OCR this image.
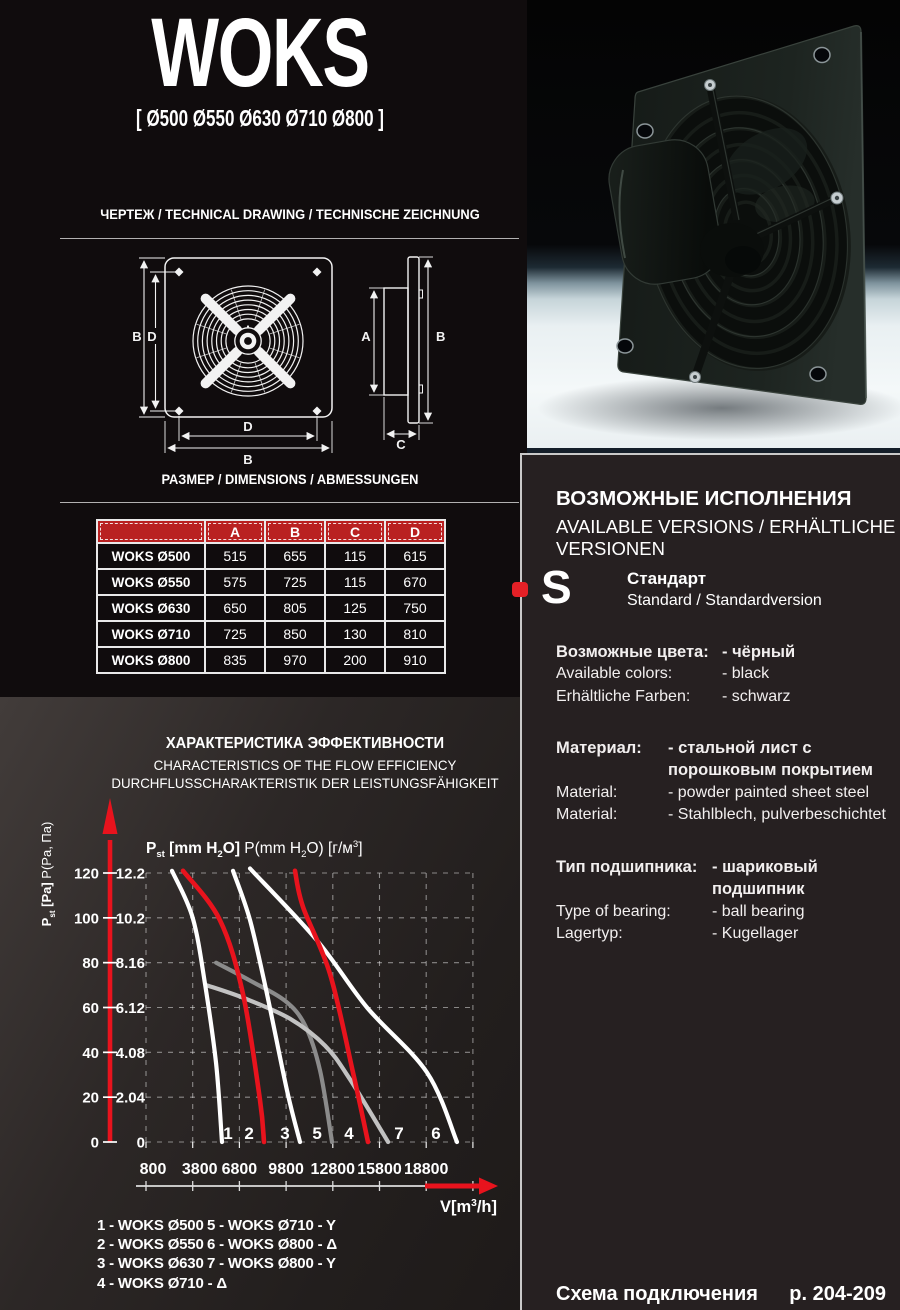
WOKS
[ Ø500 Ø550 Ø630 Ø710 Ø800 ]
ЧЕРТЕЖ / TECHNICAL DRAWING / TECHNISCHE ZEICHNUNG
B D
D
B
A	B
C
РАЗМЕР / DIMENSIONS / ABMESSUNGEN
	A	B	C	D
WOKS Ø500	515	655	115	615
WOKS Ø550	575	725	115	670
WOKS Ø630	650	805	125	750
WOKS Ø710	725	850	130	810
WOKS Ø800	835	970	200	910
ХАРАКТЕРИСТИКА ЭФФЕКТИВНОСТИ
CHARACTERISTICS OF THE FLOW EFFICIENCY
DURCHFLUSSCHARAKTERISTIK DER LEISTUNGSFÄHIGKEIT
120
100
80
60
40
20
0
12.2
10.2
8.16
6.12
4.08
2.04
0
800 3800 6800 9800 12800 15800 18800
1 2 3	4
5	6
7
$P_{st}$ [mm $H_2O$] P(mm $H_2O$) $[г/м^3]$
$V[m^3/h]$
$P_{st}$ [Pa] P(Pa, Па)
1 - WOKS Ø500
2 - WOKS Ø550
3 - WOKS Ø630
4 - WOKS Ø710 - Δ
5 - WOKS Ø710 - Y
6 - WOKS Ø800 - Δ
7 - WOKS Ø800 - Y
ВОЗМОЖНЫЕ ИСПОЛНЕНИЯ
AVAILABLE VERSIONS / ERHÄLTLICHE VERSIONEN
S	Стандарт
Standard / Standardversion
Возможные цвета: - чёрный
Available colors:	- black
Erhältliche Farben:	- schwarz
Материал:	- стальной лист с порошковым покрытием
Material:	- powder painted sheet steel
Material:	- Stahlblech, pulverbeschichtet
Тип подшипника: - шариковый подшипник
Type of bearing:	- ball bearing
Lagertyp:	- Kugellager
Схема подключения p. 204-209
